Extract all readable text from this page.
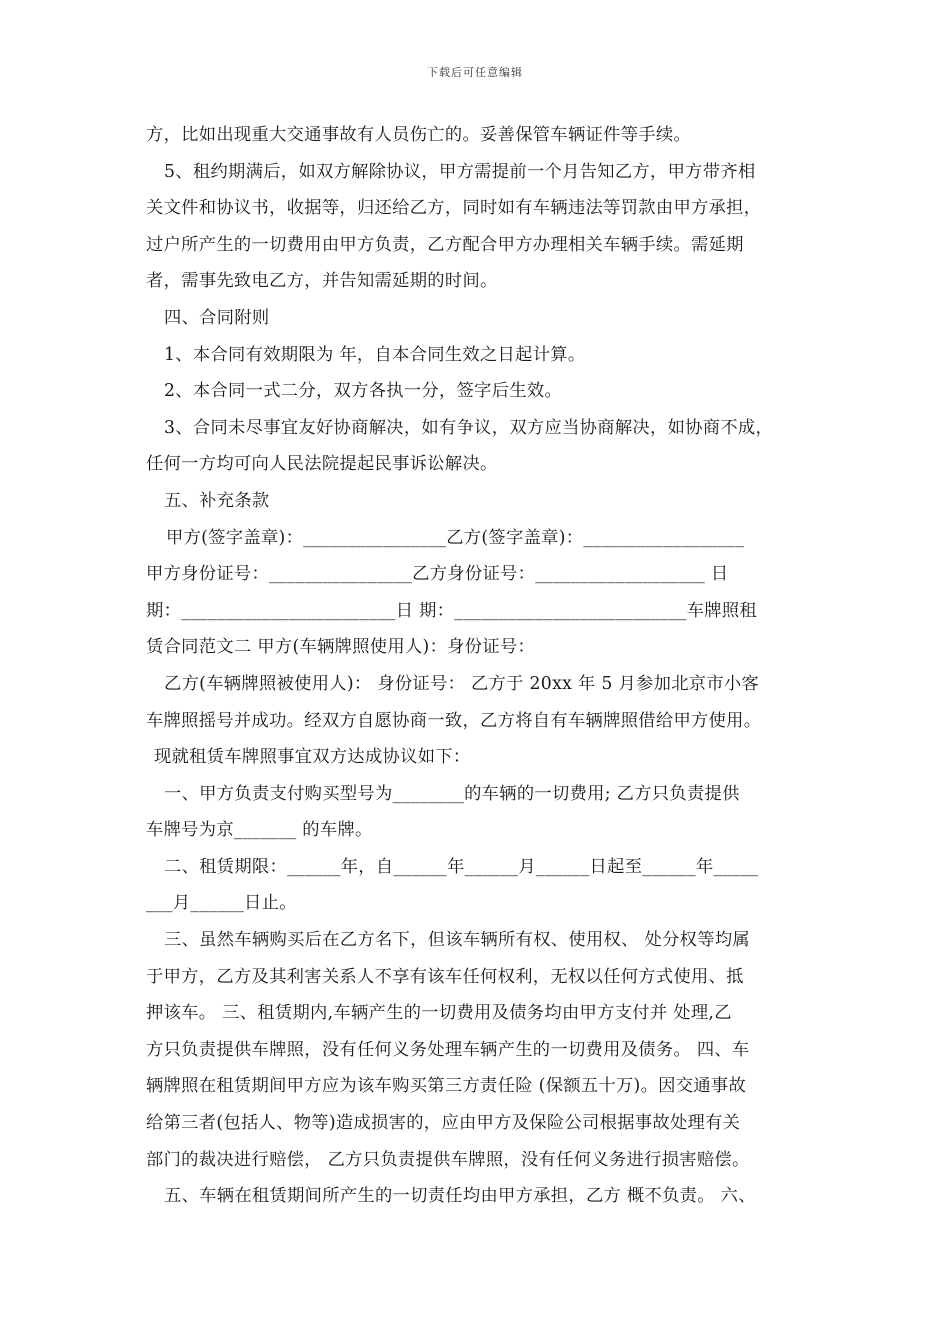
下载后可任意编辑
方，比如出现重大交通事故有人员伤亡的。妥善保管车辆证件等手续。
5、租约期满后，如双方解除协议，甲方需提前一个月告知乙方，甲方带齐相
关文件和协议书，收据等，归还给乙方，同时如有车辆违法等罚款由甲方承担，
过户所产生的一切费用由甲方负责，乙方配合甲方办理相关车辆手续。需延期
者，需事先致电乙方，并告知需延期的时间。
四、合同附则
1、本合同有效期限为 年，自本合同生效之日起计算。
2、本合同一式二分，双方各执一分，签字后生效。
3、合同未尽事宜友好协商解决，如有争议，双方应当协商解决，如协商不成，
任何一方均可向人民法院提起民事诉讼解决。
五、补充条款
甲方(签字盖章)：________________乙方(签字盖章)：__________________
甲方身份证号：________________乙方身份证号：___________________ 日
期：________________________日 期：__________________________车牌照租
赁合同范文二 甲方(车辆牌照使用人)：身份证号：
乙方(车辆牌照被使用人)： 身份证号： 乙方于 20xx 年 5 月参加北京市小客
车牌照摇号并成功。经双方自愿协商一致，乙方将自有车辆牌照借给甲方使用。
现就租赁车牌照事宜双方达成协议如下：
一、甲方负责支付购买型号为________的车辆的一切费用; 乙方只负责提供
车牌号为京_______ 的车牌。
二、租赁期限：______年，自______年______月______日起至______年_____
___月______日止。
三、虽然车辆购买后在乙方名下，但该车辆所有权、使用权、 处分权等均属
于甲方，乙方及其利害关系人不享有该车任何权利，无权以任何方式使用、抵
押该车。 三、租赁期内,车辆产生的一切费用及债务均由甲方支付并 处理,乙
方只负责提供车牌照，没有任何义务处理车辆产生的一切费用及债务。 四、车
辆牌照在租赁期间甲方应为该车购买第三方责任险 (保额五十万)。因交通事故
给第三者(包括人、物等)造成损害的，应由甲方及保险公司根据事故处理有关
部门的裁决进行赔偿， 乙方只负责提供车牌照，没有任何义务进行损害赔偿。
五、车辆在租赁期间所产生的一切责任均由甲方承担，乙方 概不负责。 六、
